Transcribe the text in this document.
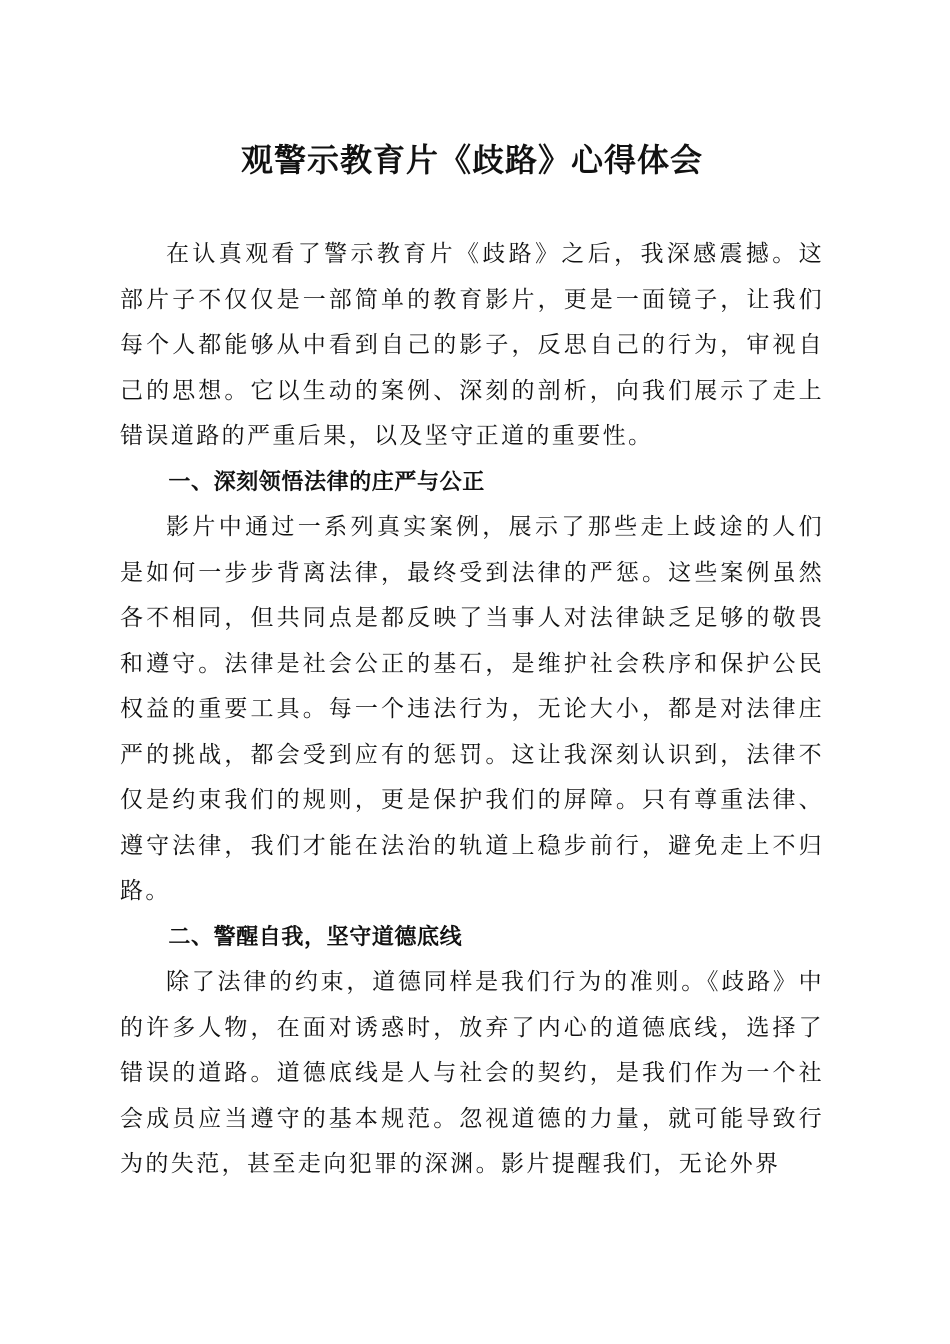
观警示教育片《歧路》心得体会

在认真观看了警示教育片《歧路》之后，我深感震撼。这部片子不仅仅是一部简单的教育影片，更是一面镜子，让我们每个人都能够从中看到自己的影子，反思自己的行为，审视自己的思想。它以生动的案例、深刻的剖析，向我们展示了走上错误道路的严重后果，以及坚守正道的重要性。

一、深刻领悟法律的庄严与公正

影片中通过一系列真实案例，展示了那些走上歧途的人们是如何一步步背离法律，最终受到法律的严惩。这些案例虽然各不相同，但共同点是都反映了当事人对法律缺乏足够的敬畏和遵守。法律是社会公正的基石，是维护社会秩序和保护公民权益的重要工具。每一个违法行为，无论大小，都是对法律庄严的挑战，都会受到应有的惩罚。这让我深刻认识到，法律不仅是约束我们的规则，更是保护我们的屏障。只有尊重法律、遵守法律，我们才能在法治的轨道上稳步前行，避免走上不归路。

二、警醒自我，坚守道德底线

除了法律的约束，道德同样是我们行为的准则。《歧路》中的许多人物，在面对诱惑时，放弃了内心的道德底线，选择了错误的道路。道德底线是人与社会的契约，是我们作为一个社会成员应当遵守的基本规范。忽视道德的力量，就可能导致行为的失范，甚至走向犯罪的深渊。影片提醒我们，无论外界
